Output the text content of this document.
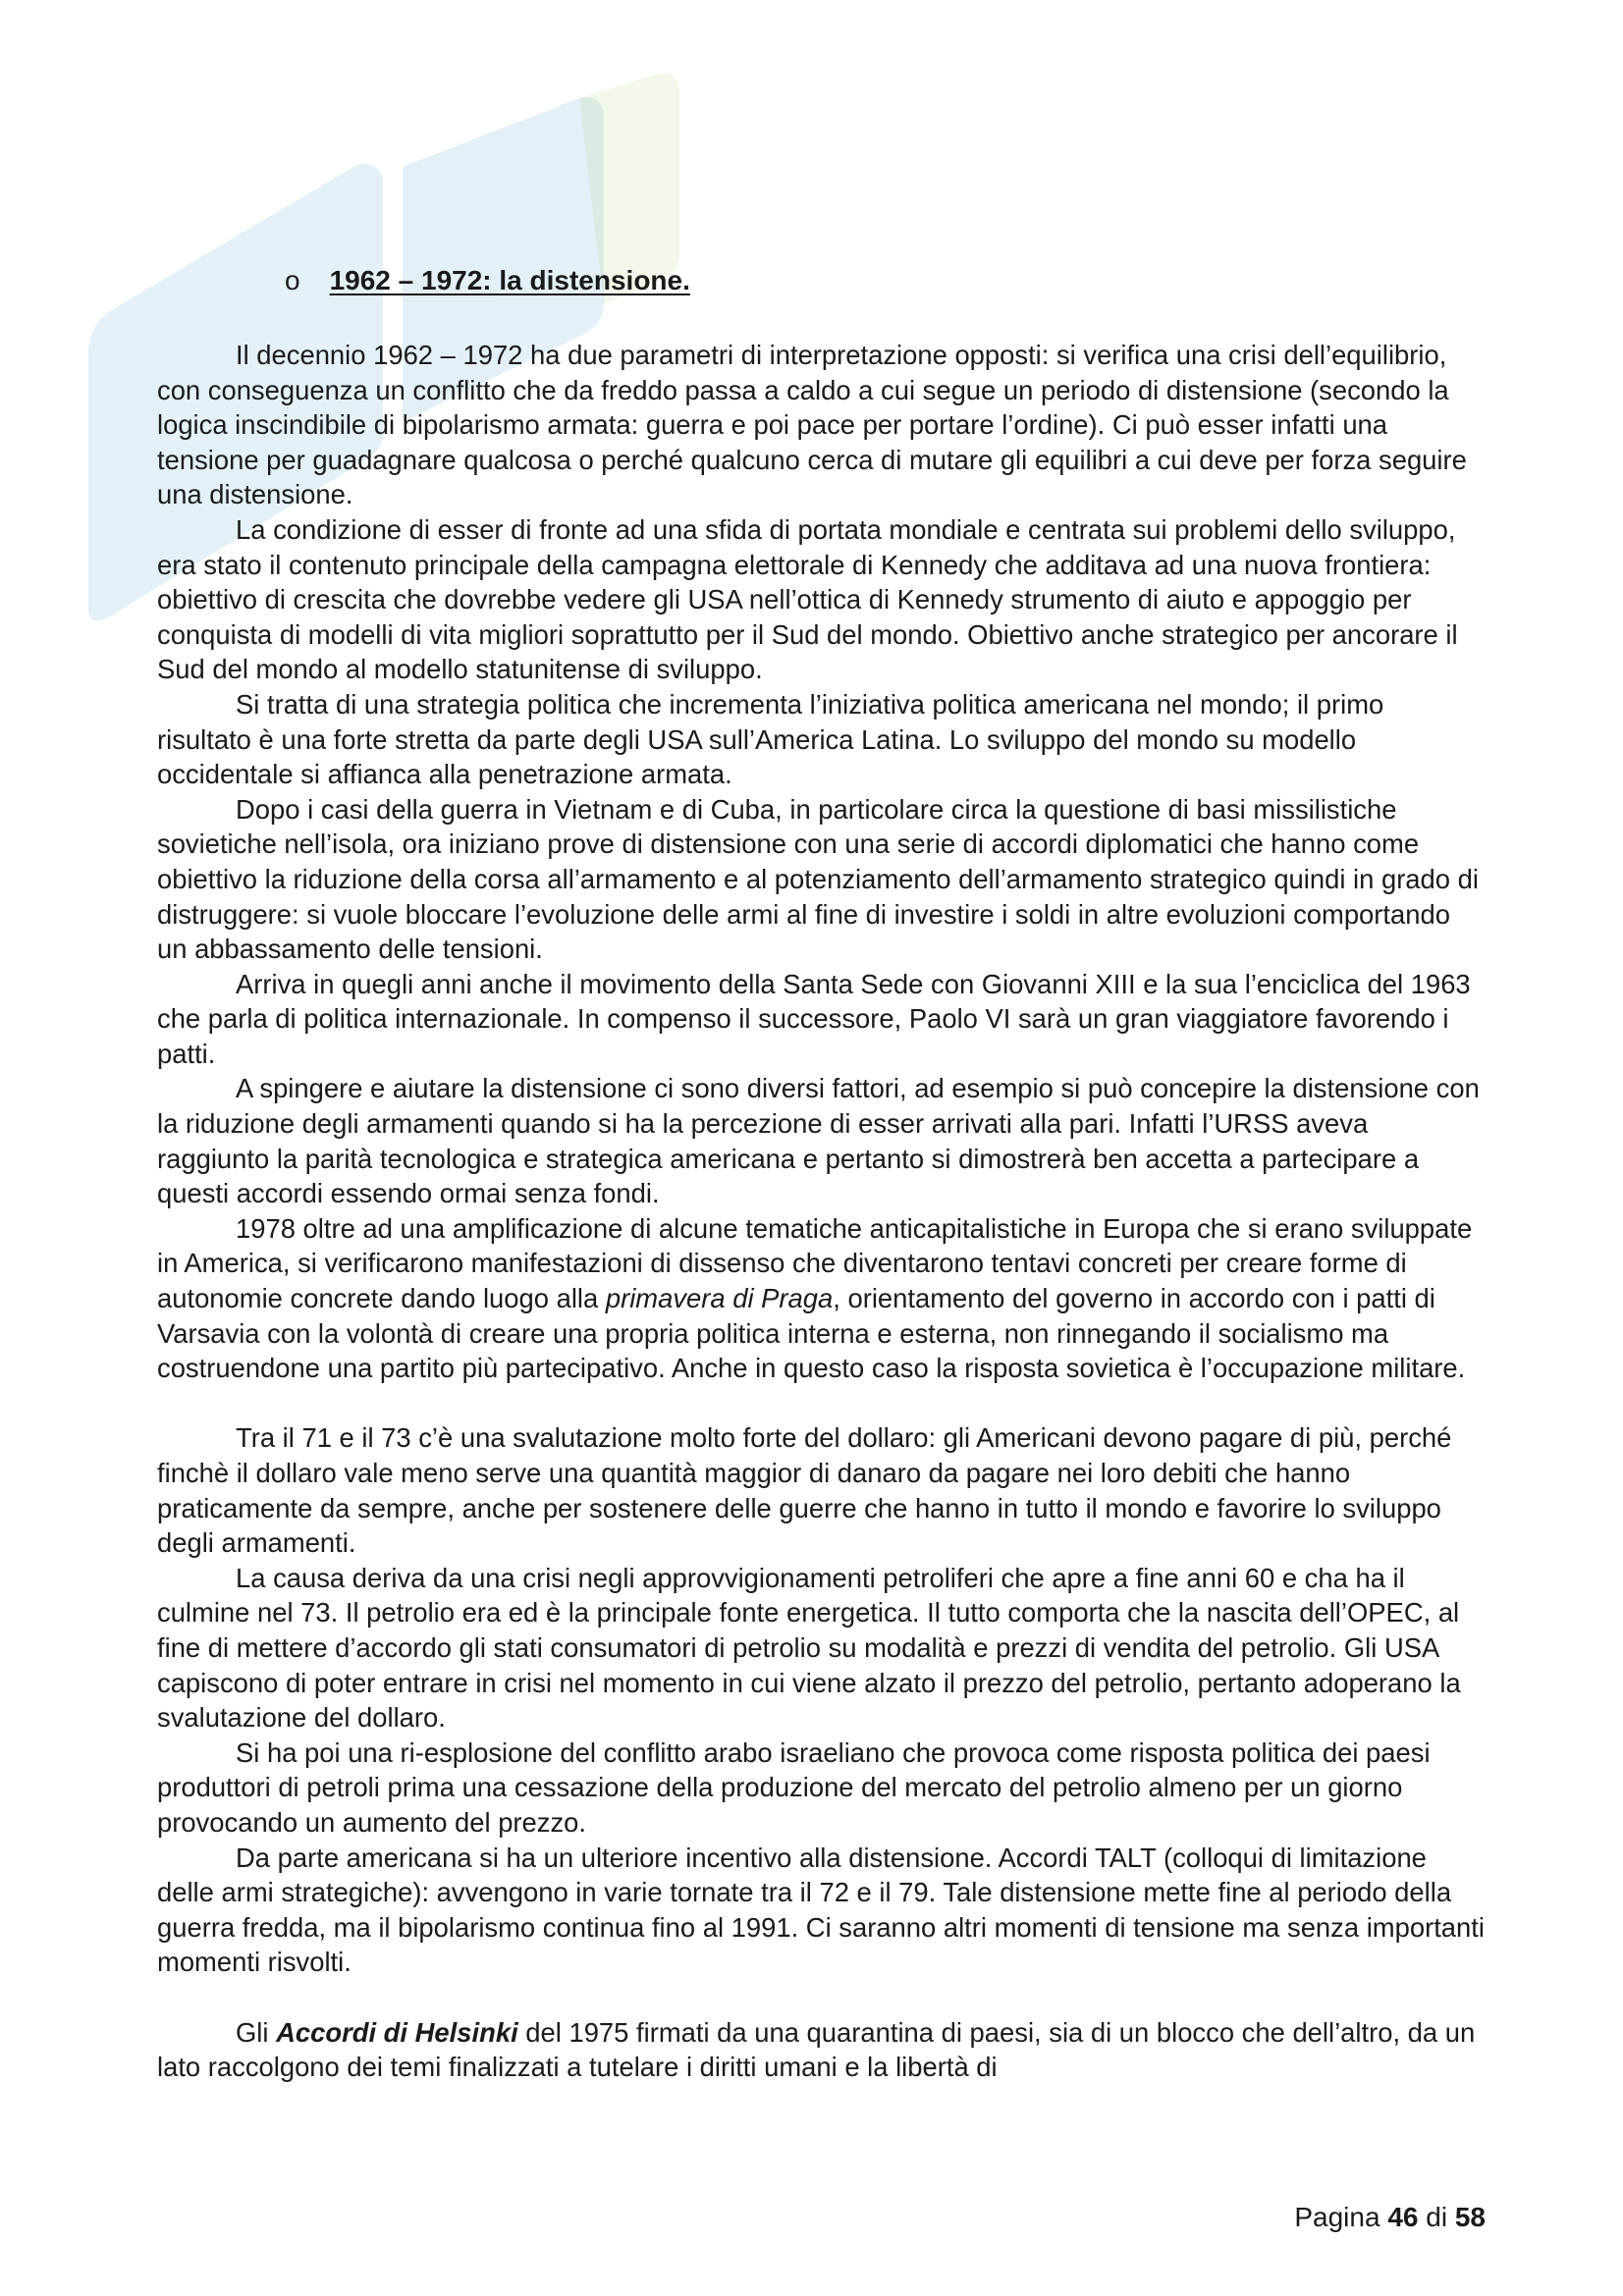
o 1962 – 1972: la distensione.

Il decennio 1962 – 1972 ha due parametri di interpretazione opposti: si verifica una crisi dell’equilibrio, con conseguenza un conflitto che da freddo passa a caldo a cui segue un periodo di distensione (secondo la logica inscindibile di bipolarismo armata: guerra e poi pace per portare l’ordine). Ci può esser infatti una tensione per guadagnare qualcosa o perché qualcuno cerca di mutare gli equilibri a cui deve per forza seguire una distensione.

La condizione di esser di fronte ad una sfida di portata mondiale e centrata sui problemi dello sviluppo, era stato il contenuto principale della campagna elettorale di Kennedy che additava ad una nuova frontiera: obiettivo di crescita che dovrebbe vedere gli USA nell’ottica di Kennedy strumento di aiuto e appoggio per conquista di modelli di vita migliori soprattutto per il Sud del mondo. Obiettivo anche strategico per ancorare il Sud del mondo al modello statunitense di sviluppo.

Si tratta di una strategia politica che incrementa l’iniziativa politica americana nel mondo; il primo risultato è una forte stretta da parte degli USA sull’America Latina. Lo sviluppo del mondo su modello occidentale si affianca alla penetrazione armata.

Dopo i casi della guerra in Vietnam e di Cuba, in particolare circa la questione di basi missilistiche sovietiche nell’isola, ora iniziano prove di distensione con una serie di accordi diplomatici che hanno come obiettivo la riduzione della corsa all’armamento e al potenziamento dell’armamento strategico quindi in grado di distruggere: si vuole bloccare l’evoluzione delle armi al fine di investire i soldi in altre evoluzioni comportando un abbassamento delle tensioni.

Arriva in quegli anni anche il movimento della Santa Sede con Giovanni XIII e la sua l’enciclica del 1963 che parla di politica internazionale. In compenso il successore, Paolo VI sarà un gran viaggiatore favorendo i patti.

A spingere e aiutare la distensione ci sono diversi fattori, ad esempio si può concepire la distensione con la riduzione degli armamenti quando si ha la percezione di esser arrivati alla pari. Infatti l’URSS aveva raggiunto la parità tecnologica e strategica americana e pertanto si dimostrerà ben accetta a partecipare a questi accordi essendo ormai senza fondi.

1978 oltre ad una amplificazione di alcune tematiche anticapitalistiche in Europa che si erano sviluppate in America, si verificarono manifestazioni di dissenso che diventarono tentavi concreti per creare forme di autonomie concrete dando luogo alla primavera di Praga, orientamento del governo in accordo con i patti di Varsavia con la volontà di creare una propria politica interna e esterna, non rinnegando il socialismo ma costruendone una partito più partecipativo. Anche in questo caso la risposta sovietica è l’occupazione militare.

Tra il 71 e il 73 c’è una svalutazione molto forte del dollaro: gli Americani devono pagare di più, perché finchè il dollaro vale meno serve una quantità maggior di danaro da pagare nei loro debiti che hanno praticamente da sempre, anche per sostenere delle guerre che hanno in tutto il mondo e favorire lo sviluppo degli armamenti.

La causa deriva da una crisi negli approvvigionamenti petroliferi che apre a fine anni 60 e cha ha il culmine nel 73. Il petrolio era ed è la principale fonte energetica. Il tutto comporta che la nascita dell’OPEC, al fine di mettere d’accordo gli stati consumatori di petrolio su modalità e prezzi di vendita del petrolio. Gli USA capiscono di poter entrare in crisi nel momento in cui viene alzato il prezzo del petrolio, pertanto adoperano la svalutazione del dollaro.

Si ha poi una ri-esplosione del conflitto arabo israeliano che provoca come risposta politica dei paesi produttori di petroli prima una cessazione della produzione del mercato del petrolio almeno per un giorno provocando un aumento del prezzo.

Da parte americana si ha un ulteriore incentivo alla distensione. Accordi TALT (colloqui di limitazione delle armi strategiche): avvengono in varie tornate tra il 72 e il 79. Tale distensione mette fine al periodo della guerra fredda, ma il bipolarismo continua fino al 1991. Ci saranno altri momenti di tensione ma senza importanti momenti risvolti.

Gli Accordi di Helsinki del 1975 firmati da una quarantina di paesi, sia di un blocco che dell’altro, da un lato raccolgono dei temi finalizzati a tutelare i diritti umani e la libertà di

Pagina 46 di 58
